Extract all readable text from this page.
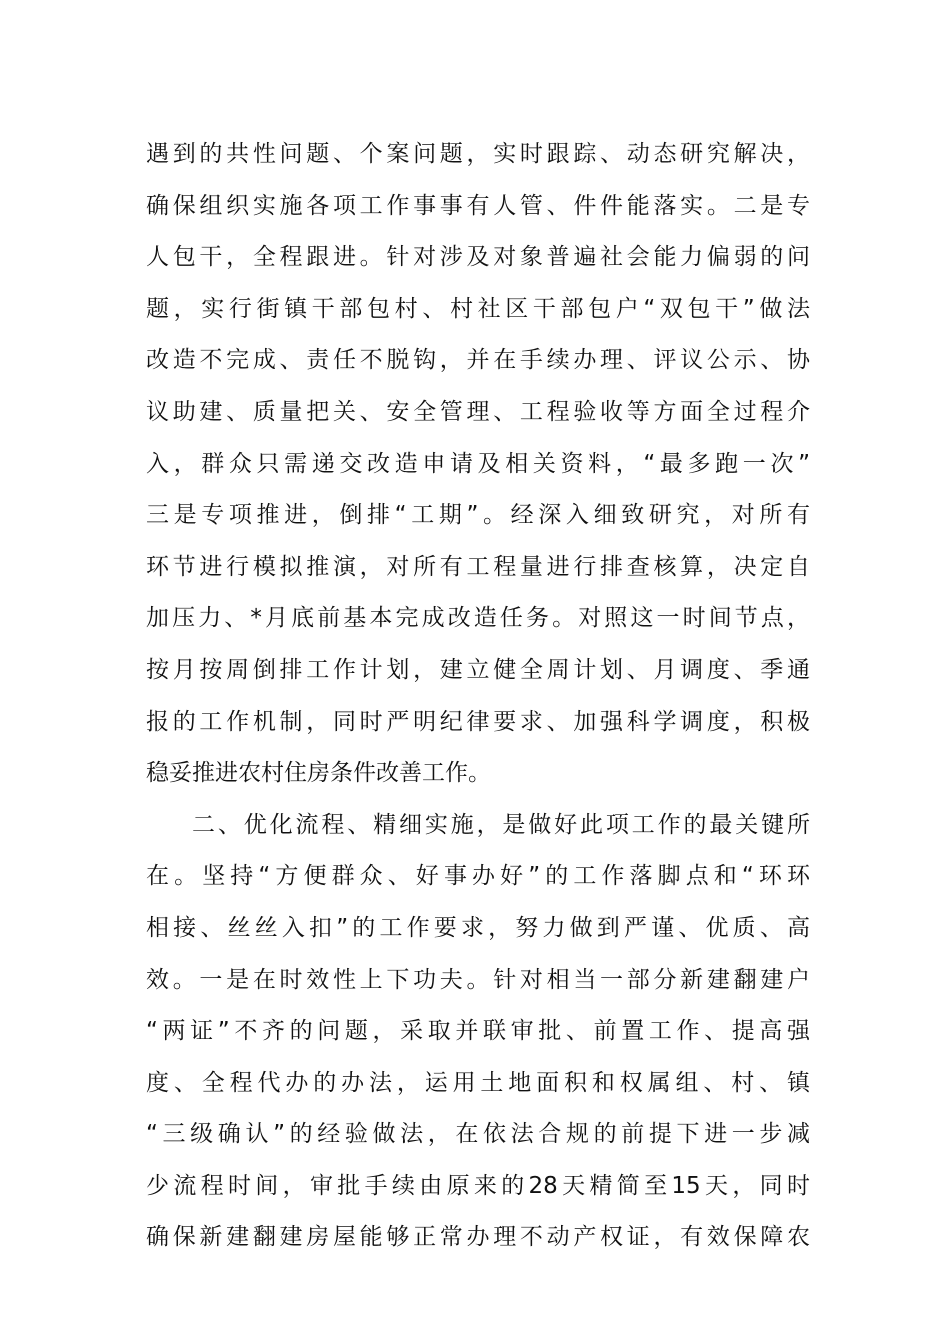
遇到的共性问题、个案问题，实时跟踪、动态研究解决，
确保组织实施各项工作事事有人管、件件能落实。二是专
人包干，全程跟进。针对涉及对象普遍社会能力偏弱的问
题，实行街镇干部包村、村社区干部包户“双包干”做法
改造不完成、责任不脱钩，并在手续办理、评议公示、协
议助建、质量把关、安全管理、工程验收等方面全过程介
入，群众只需递交改造申请及相关资料，“最多跑一次”
三是专项推进，倒排“工期”。经深入细致研究，对所有
环节进行模拟推演，对所有工程量进行排查核算，决定自
加压力、*月底前基本完成改造任务。对照这一时间节点，
按月按周倒排工作计划，建立健全周计划、月调度、季通
报的工作机制，同时严明纪律要求、加强科学调度，积极
稳妥推进农村住房条件改善工作。
二、优化流程、精细实施，是做好此项工作的最关键所
在。坚持“方便群众、好事办好”的工作落脚点和“环环
相接、丝丝入扣”的工作要求，努力做到严谨、优质、高
效。一是在时效性上下功夫。针对相当一部分新建翻建户
“两证”不齐的问题，采取并联审批、前置工作、提高强
度、全程代办的办法，运用土地面积和权属组、村、镇
“三级确认”的经验做法，在依法合规的前提下进一步减
少流程时间，审批手续由原来的28天精简至15天，同时
确保新建翻建房屋能够正常办理不动产权证，有效保障农
